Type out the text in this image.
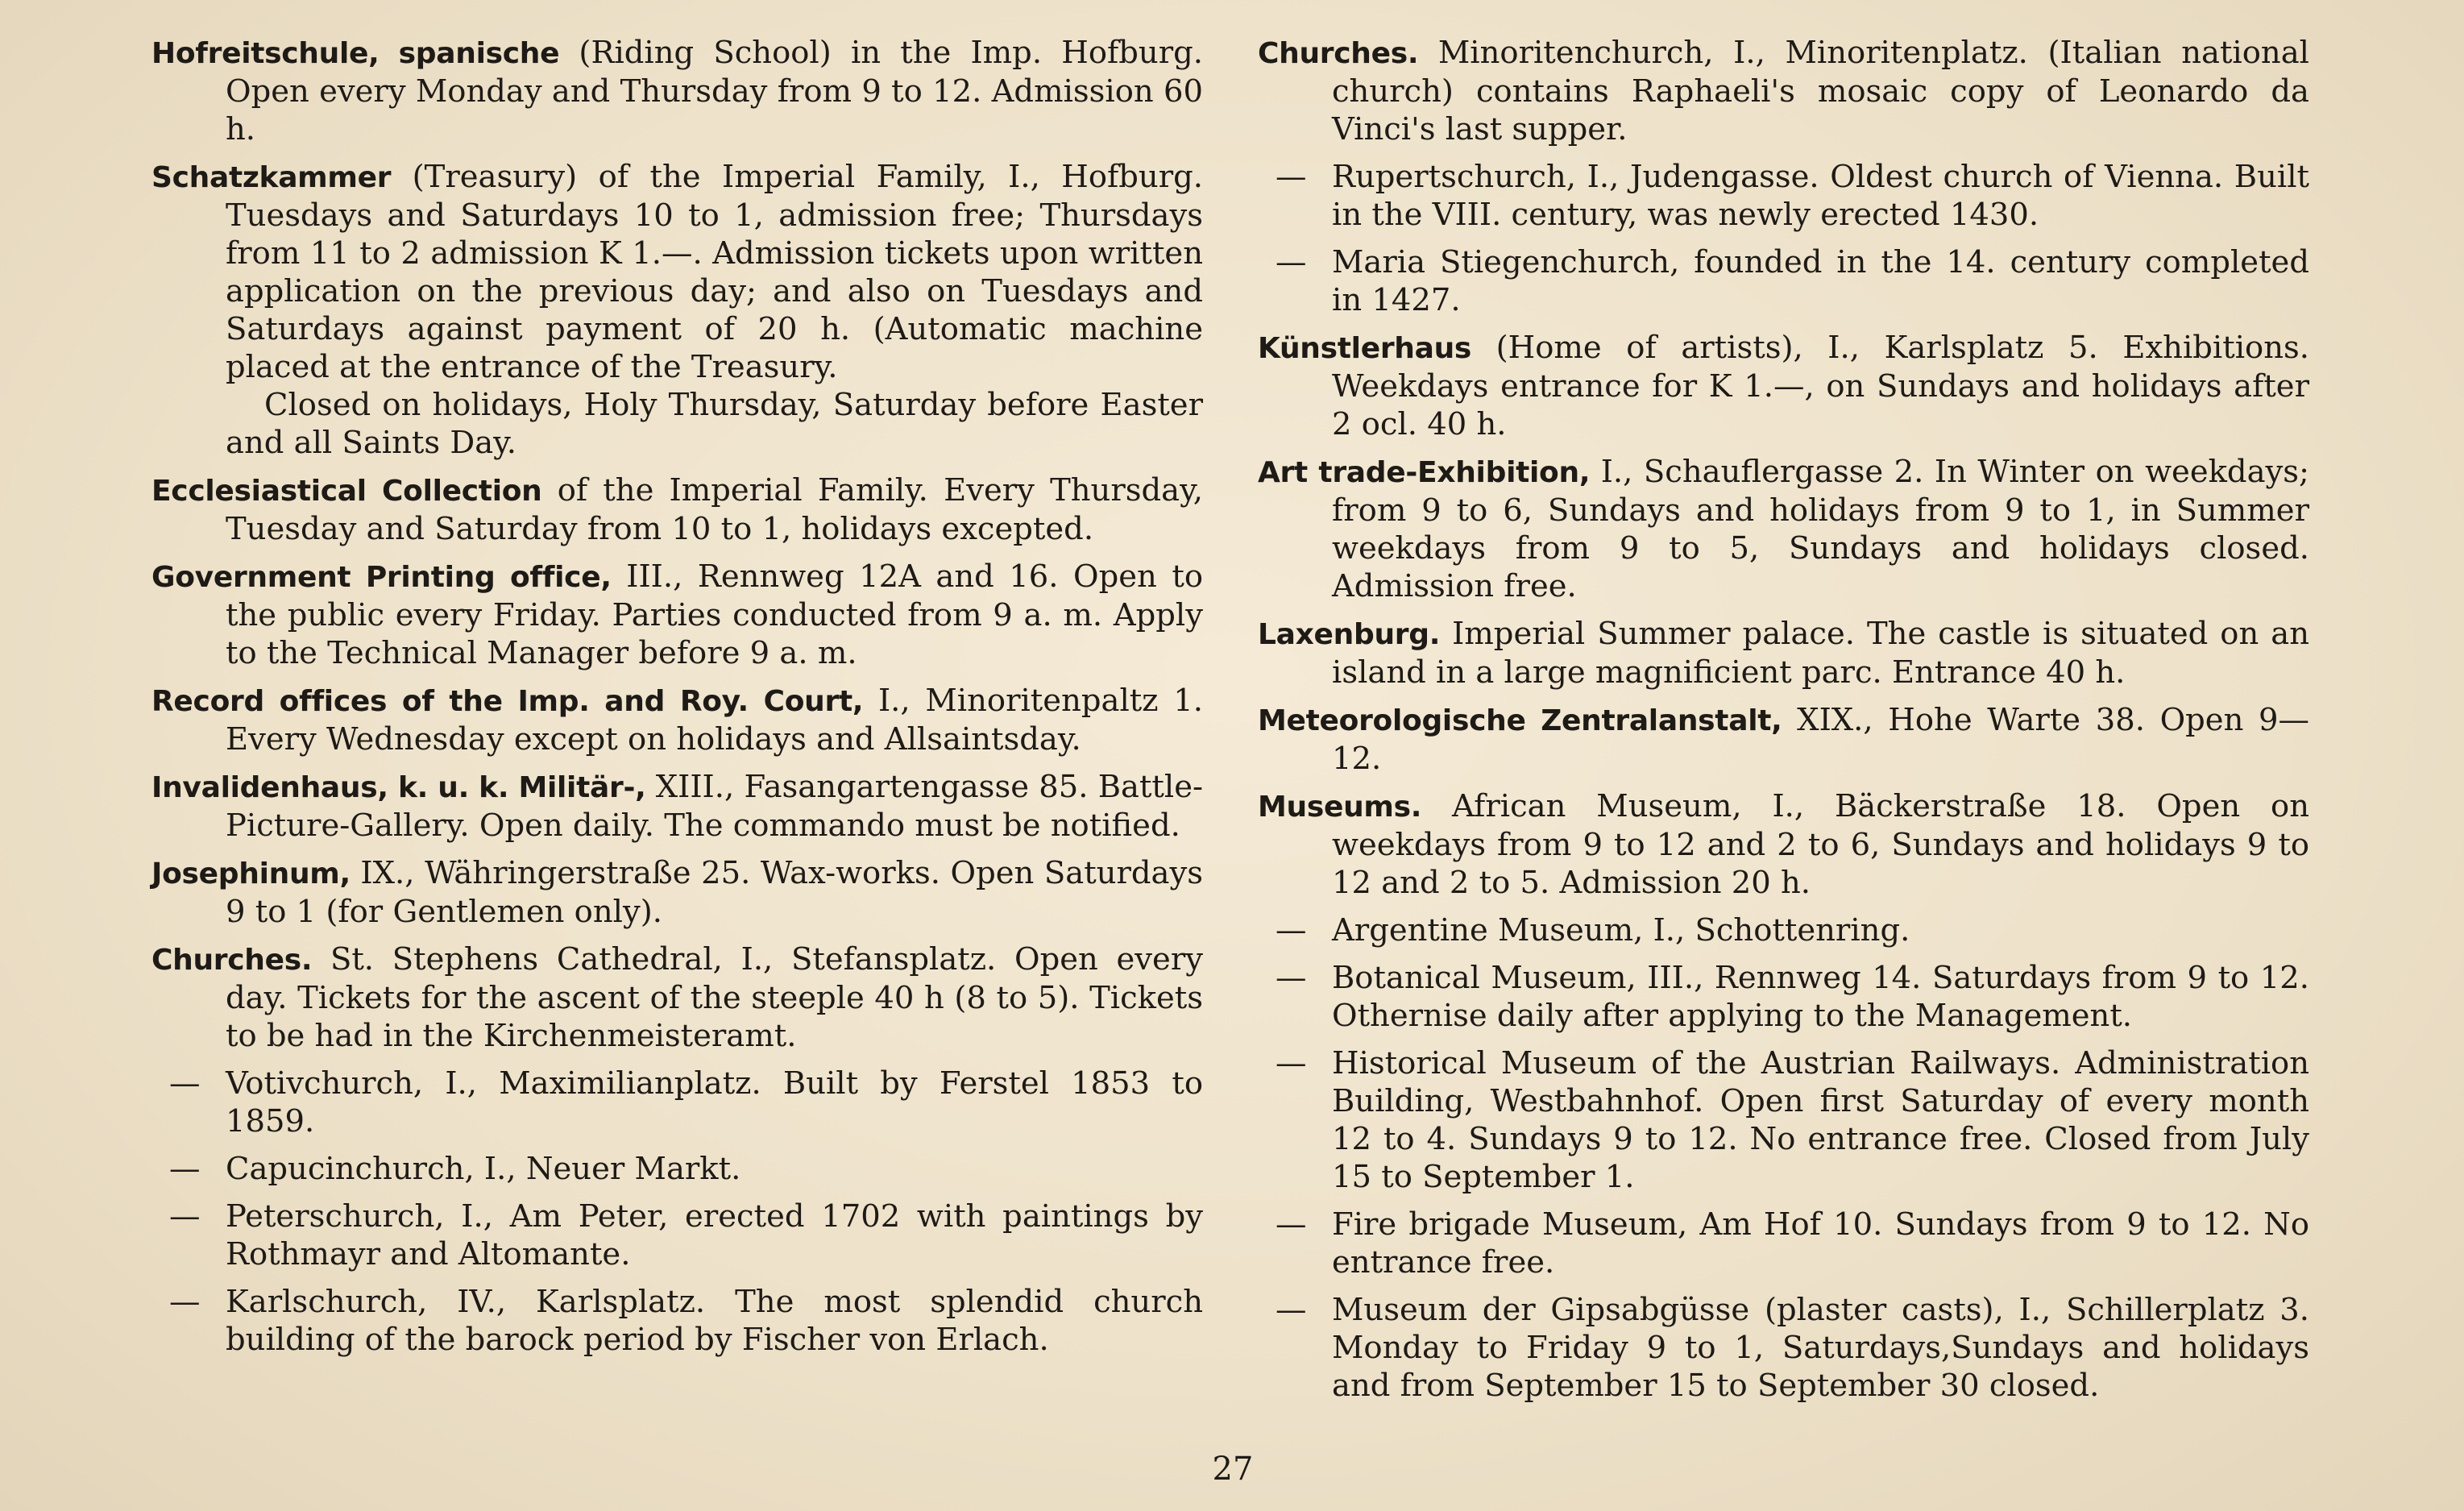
Hofreitschule, spanische (Riding School) in the Imp. Hofburg. Open every Monday and Thursday from 9 to 12. Admission 60 h.

Schatzkammer (Treasury) of the Imperial Family, I., Hofburg. Tuesdays and Saturdays 10 to 1, admission free; Thursdays from 11 to 2 admission K 1.—. Admission tickets upon written application on the previous day; and also on Tuesdays and Saturdays against payment of 20 h. (Automatic machine placed at the entrance of the Treasury.
Closed on holidays, Holy Thursday, Saturday before Easter and all Saints Day.

Ecclesiastical Collection of the Imperial Family. Every Thursday, Tuesday and Saturday from 10 to 1, holidays excepted.

Government Printing office, III., Rennweg 12A and 16. Open to the public every Friday. Parties conducted from 9 a. m. Apply to the Technical Manager before 9 a. m.

Record offices of the Imp. and Roy. Court, I., Minoritenpaltz 1. Every Wednesday except on holidays and Allsaintsday.

Invalidenhaus, k. u. k. Militär-, XIII., Fasangartengasse 85. Battle-Picture-Gallery. Open daily. The commando must be notified.

Josephinum, IX., Währingerstraße 25. Wax-works. Open Saturdays 9 to 1 (for Gentlemen only).

Churches. St. Stephens Cathedral, I., Stefansplatz. Open every day. Tickets for the ascent of the steeple 40 h (8 to 5). Tickets to be had in the Kirchenmeisteramt.

— Votivchurch, I., Maximilianplatz. Built by Ferstel 1853 to 1859.

— Capucinchurch, I., Neuer Markt.

— Peterschurch, I., Am Peter, erected 1702 with paintings by Rothmayr and Altomante.

— Karlschurch, IV., Karlsplatz. The most splendid church building of the barock period by Fischer von Erlach.

Churches. Minoritenchurch, I., Minoritenplatz. (Italian national church) contains Raphaeli's mosaic copy of Leonardo da Vinci's last supper.

— Rupertschurch, I., Judengasse. Oldest church of Vienna. Built in the VIII. century, was newly erected 1430.

— Maria Stiegenchurch, founded in the 14. century completed in 1427.

Künstlerhaus (Home of artists), I., Karlsplatz 5. Exhibitions. Weekdays entrance for K 1.—, on Sundays and holidays after 2 ocl. 40 h.

Art trade-Exhibition, I., Schauflergasse 2. In Winter on weekdays; from 9 to 6, Sundays and holidays from 9 to 1, in Summer weekdays from 9 to 5, Sundays and holidays closed. Admission free.

Laxenburg. Imperial Summer palace. The castle is situated on an island in a large magnificient parc. Entrance 40 h.

Meteorologische Zentralanstalt, XIX., Hohe Warte 38. Open 9—12.

Museums. African Museum, I., Bäckerstraße 18. Open on weekdays from 9 to 12 and 2 to 6, Sundays and holidays 9 to 12 and 2 to 5. Admission 20 h.

— Argentine Museum, I., Schottenring.

— Botanical Museum, III., Rennweg 14. Saturdays from 9 to 12. Othernise daily after applying to the Management.

— Historical Museum of the Austrian Railways. Administration Building, Westbahnhof. Open first Saturday of every month 12 to 4. Sundays 9 to 12. No entrance free. Closed from July 15 to September 1.

— Fire brigade Museum, Am Hof 10. Sundays from 9 to 12. No entrance free.

— Museum der Gipsabgüsse (plaster casts), I., Schillerplatz 3. Monday to Friday 9 to 1, Saturdays,Sundays and holidays and from September 15 to September 30 closed.

27
